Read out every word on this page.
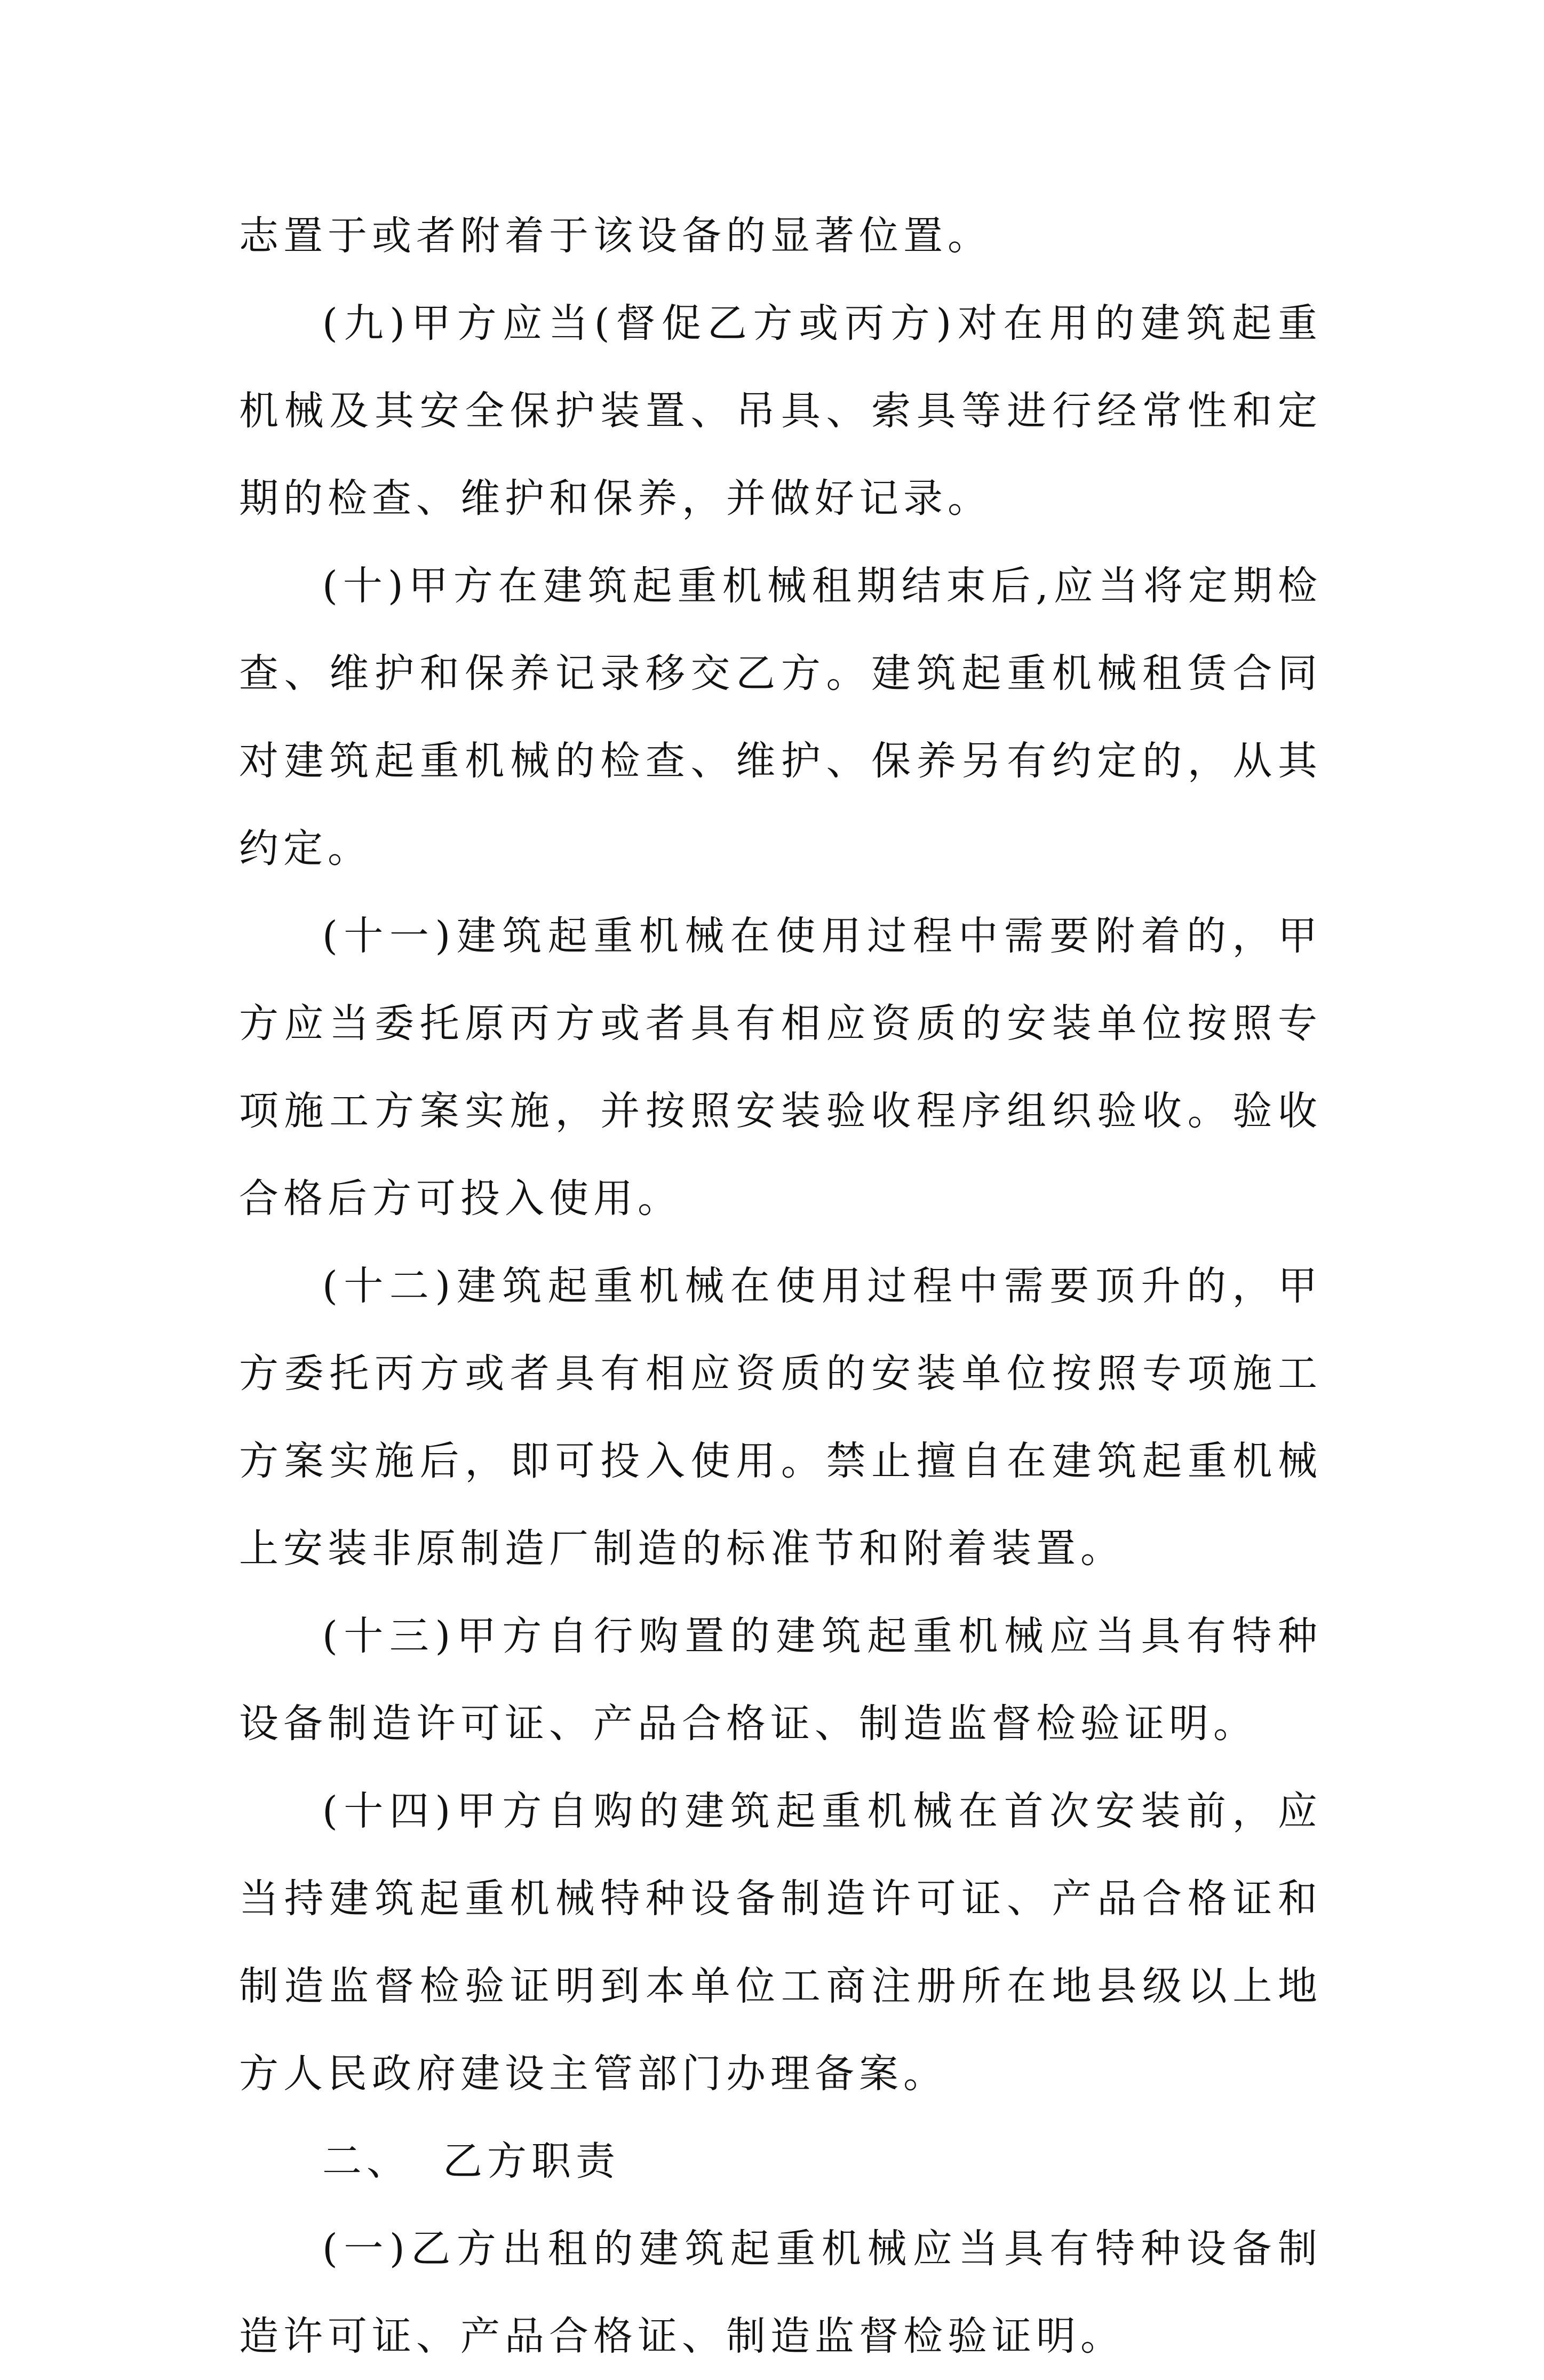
志置于或者附着于该设备的显著位置。

(九)甲方应当(督促乙方或丙方)对在用的建筑起重机械及其安全保护装置、吊具、索具等进行经常性和定期的检查、维护和保养，并做好记录。

(十)甲方在建筑起重机械租期结束后,应当将定期检查、维护和保养记录移交乙方。建筑起重机械租赁合同对建筑起重机械的检查、维护、保养另有约定的，从其约定。

(十一)建筑起重机械在使用过程中需要附着的，甲方应当委托原丙方或者具有相应资质的安装单位按照专项施工方案实施，并按照安装验收程序组织验收。验收合格后方可投入使用。

(十二)建筑起重机械在使用过程中需要顶升的，甲方委托丙方或者具有相应资质的安装单位按照专项施工方案实施后，即可投入使用。禁止擅自在建筑起重机械上安装非原制造厂制造的标准节和附着装置。

(十三)甲方自行购置的建筑起重机械应当具有特种设备制造许可证、产品合格证、制造监督检验证明。

(十四)甲方自购的建筑起重机械在首次安装前，应当持建筑起重机械特种设备制造许可证、产品合格证和制造监督检验证明到本单位工商注册所在地县级以上地方人民政府建设主管部门办理备案。

二、 乙方职责

(一)乙方出租的建筑起重机械应当具有特种设备制造许可证、产品合格证、制造监督检验证明。
